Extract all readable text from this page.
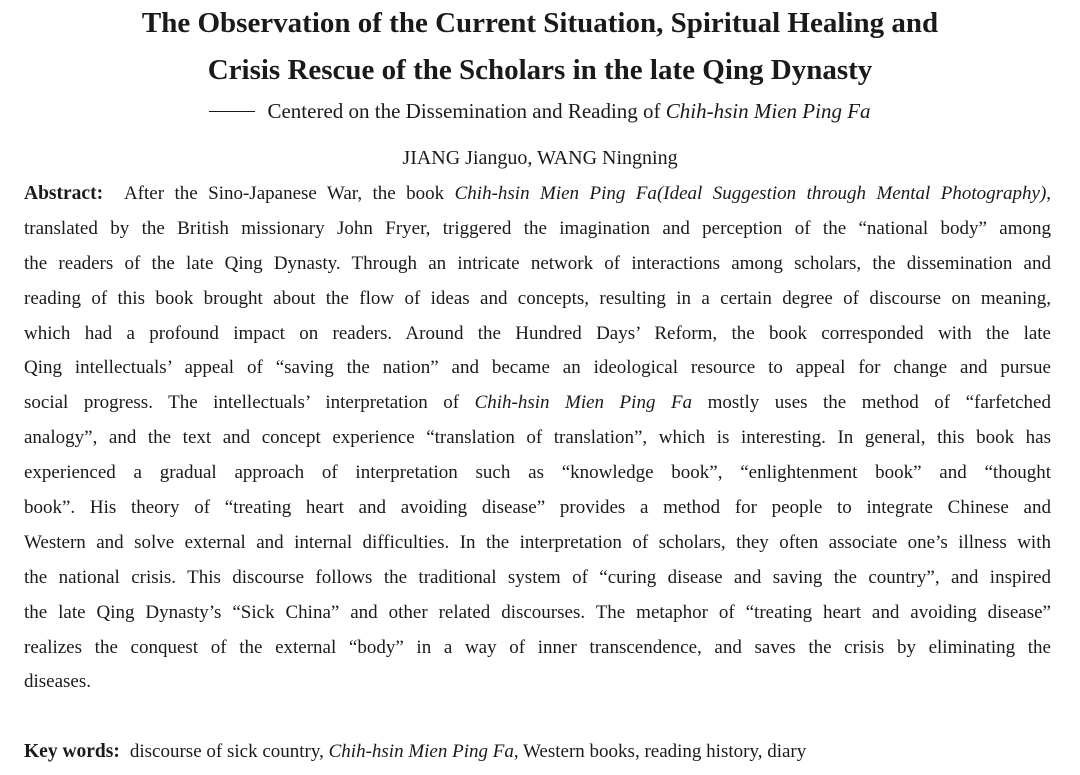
The Observation of the Current Situation, Spiritual Healing and
Crisis Rescue of the Scholars in the late Qing Dynasty
Centered on the Dissemination and Reading of Chih-hsin Mien Ping Fa
JIANG Jianguo, WANG Ningning
Abstract: After the Sino-Japanese War, the book Chih-hsin Mien Ping Fa(Ideal Suggestion through Mental Photography),
translated by the British missionary John Fryer, triggered the imagination and perception of the “national body” among
the readers of the late Qing Dynasty. Through an intricate network of interactions among scholars, the dissemination and
reading of this book brought about the flow of ideas and concepts, resulting in a certain degree of discourse on meaning,
which had a profound impact on readers. Around the Hundred Days’ Reform, the book corresponded with the late
Qing intellectuals’ appeal of “saving the nation” and became an ideological resource to appeal for change and pursue
social progress. The intellectuals’ interpretation of Chih-hsin Mien Ping Fa mostly uses the method of “farfetched
analogy”, and the text and concept experience “translation of translation”, which is interesting. In general, this book has
experienced a gradual approach of interpretation such as “knowledge book”, “enlightenment book” and “thought
book”. His theory of “treating heart and avoiding disease” provides a method for people to integrate Chinese and
Western and solve external and internal difficulties. In the interpretation of scholars, they often associate one’s illness with
the national crisis. This discourse follows the traditional system of “curing disease and saving the country”, and inspired
the late Qing Dynasty’s “Sick China” and other related discourses. The metaphor of “treating heart and avoiding disease”
realizes the conquest of the external “body” in a way of inner transcendence, and saves the crisis by eliminating the
diseases.
Key words: discourse of sick country, Chih-hsin Mien Ping Fa, Western books, reading history, diary
